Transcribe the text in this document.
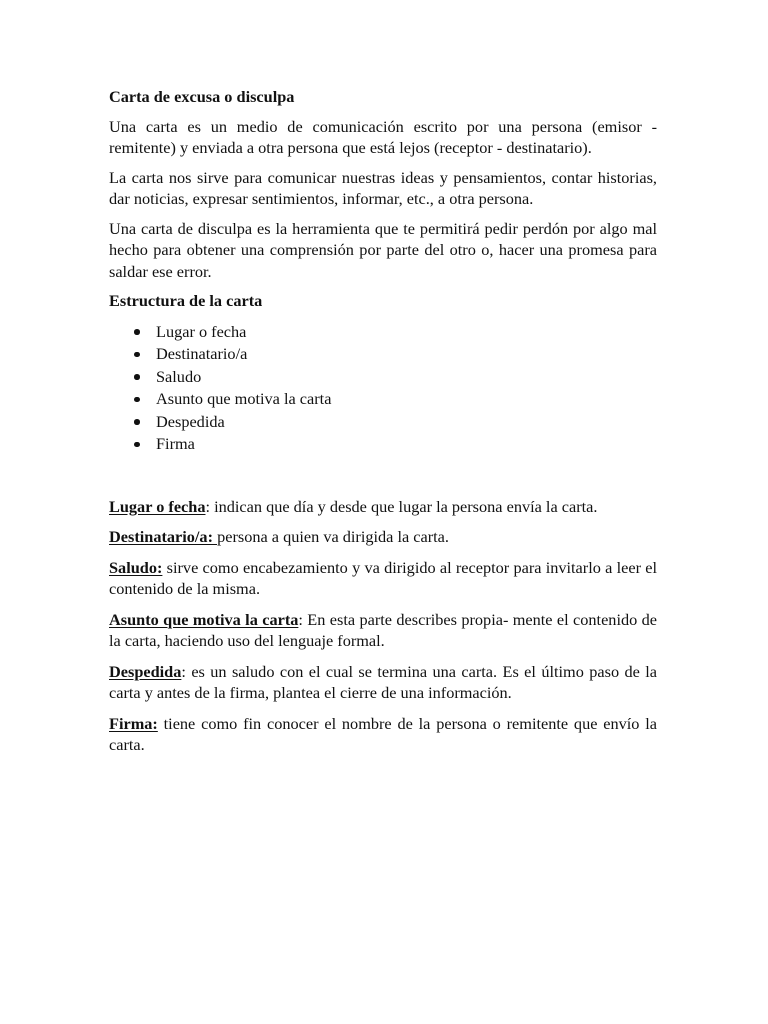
Carta de excusa o disculpa

Una carta es un medio de comunicación escrito por una persona (emisor - remitente) y enviada a otra persona que está lejos (receptor - destinatario).

La carta nos sirve para comunicar nuestras ideas y pensamientos, contar historias, dar noticias, expresar sentimientos, informar, etc., a otra persona.

Una carta de disculpa es la herramienta que te permitirá pedir perdón por algo mal hecho para obtener una comprensión por parte del otro o, hacer una promesa para saldar ese error.

Estructura de la carta
Lugar o fecha
Destinatario/a
Saludo
Asunto que motiva la carta
Despedida
Firma

Lugar o fecha: indican que día y desde que lugar la persona envía la carta.

Destinatario/a: persona a quien va dirigida la carta.

Saludo: sirve como encabezamiento y va dirigido al receptor para invitarlo a leer el contenido de la misma.

Asunto que motiva la carta: En esta parte describes propia- mente el contenido de la carta, haciendo uso del lenguaje formal.

Despedida: es un saludo con el cual se termina una carta. Es el último paso de la carta y antes de la firma, plantea el cierre de una información.

Firma: tiene como fin conocer el nombre de la persona o remitente que envío la carta.
